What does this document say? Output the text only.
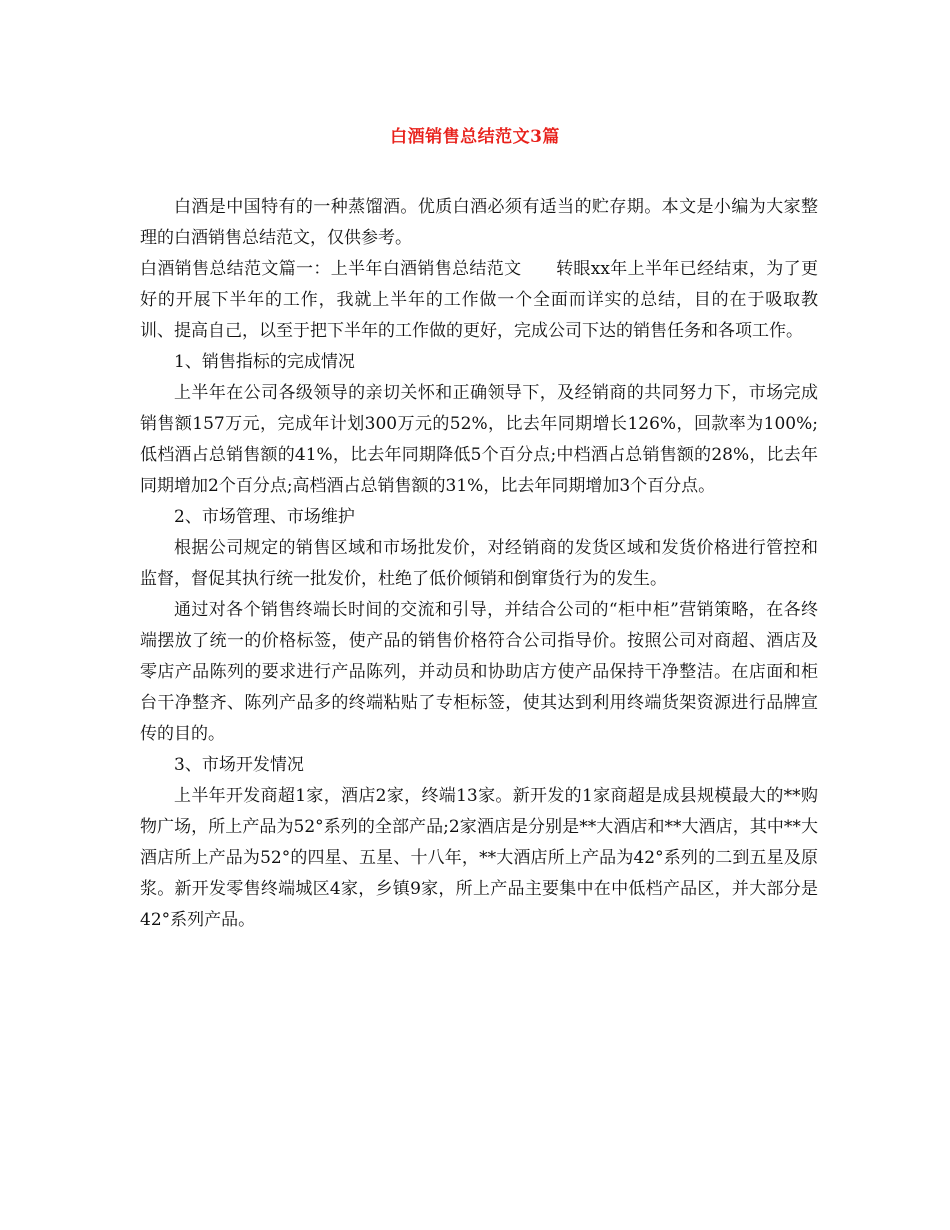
白酒销售总结范文3篇

白酒是中国特有的一种蒸馏酒。优质白酒必须有适当的贮存期。本文是小编为大家整理的白酒销售总结范文，仅供参考。

白酒销售总结范文篇一：上半年白酒销售总结范文　　转眼xx年上半年已经结束，为了更好的开展下半年的工作，我就上半年的工作做一个全面而详实的总结，目的在于吸取教训、提高自己，以至于把下半年的工作做的更好，完成公司下达的销售任务和各项工作。

1、销售指标的完成情况

上半年在公司各级领导的亲切关怀和正确领导下，及经销商的共同努力下，市场完成销售额157万元，完成年计划300万元的52%，比去年同期增长126%，回款率为100%;低档酒占总销售额的41%，比去年同期降低5个百分点;中档酒占总销售额的28%，比去年同期增加2个百分点;高档酒占总销售额的31%，比去年同期增加3个百分点。

2、市场管理、市场维护

根据公司规定的销售区域和市场批发价，对经销商的发货区域和发货价格进行管控和监督，督促其执行统一批发价，杜绝了低价倾销和倒窜货行为的发生。

通过对各个销售终端长时间的交流和引导，并结合公司的“柜中柜”营销策略，在各终端摆放了统一的价格标签，使产品的销售价格符合公司指导价。按照公司对商超、酒店及零店产品陈列的要求进行产品陈列，并动员和协助店方使产品保持干净整洁。在店面和柜台干净整齐、陈列产品多的终端粘贴了专柜标签，使其达到利用终端货架资源进行品牌宣传的目的。

3、市场开发情况

上半年开发商超1家，酒店2家，终端13家。新开发的1家商超是成县规模最大的**购物广场，所上产品为52°系列的全部产品;2家酒店是分别是**大酒店和**大酒店，其中**大酒店所上产品为52°的四星、五星、十八年，**大酒店所上产品为42°系列的二到五星及原浆。新开发零售终端城区4家，乡镇9家，所上产品主要集中在中低档产品区，并大部分是42°系列产品。
